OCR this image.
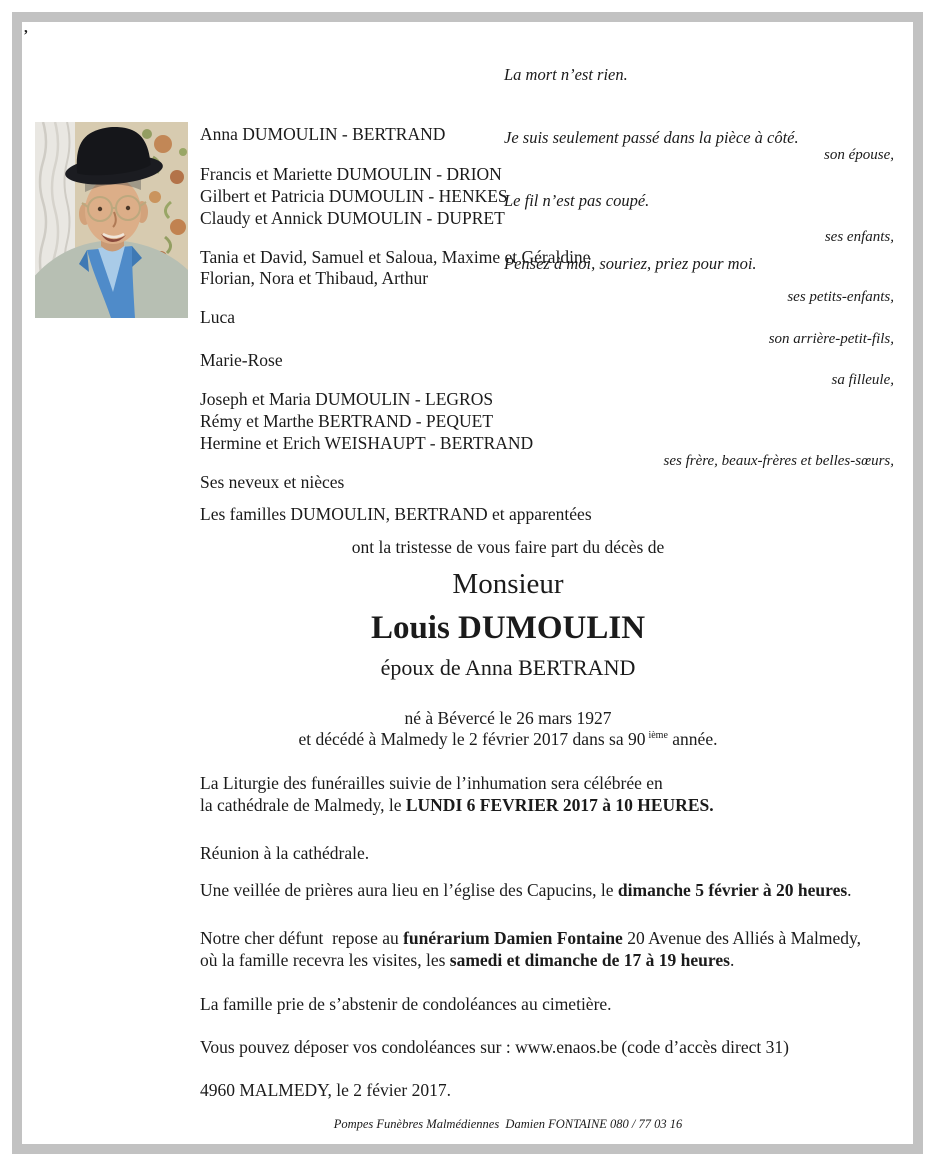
,

La mort n’est rien.

Je suis seulement passé dans la pièce à côté.

Le fil n’est pas coupé.

Pensez à moi, souriez, priez pour moi.

Anna DUMOULIN - BERTRAND
son épouse,
Francis et Mariette DUMOULIN - DRION
Gilbert et Patricia DUMOULIN - HENKES
Claudy et Annick DUMOULIN - DUPRET
ses enfants,
Tania et David, Samuel et Saloua, Maxime et Géraldine
Florian, Nora et Thibaud, Arthur
ses petits-enfants,
Luca
son arrière-petit-fils,
Marie-Rose
sa filleule,
Joseph et Maria DUMOULIN - LEGROS
Rémy et Marthe BERTRAND - PEQUET
Hermine et Erich WEISHAUPT - BERTRAND
ses frère, beaux-frères et belles-sœurs,
Ses neveux et nièces
Les familles DUMOULIN, BERTRAND et apparentées
ont la tristesse de vous faire part du décès de
Monsieur
Louis DUMOULIN
époux de Anna BERTRAND
né à Bévercé le 26 mars 1927
et décédé à Malmedy le 2 février 2017 dans sa 90 $^{ième}$ année.
La Liturgie des funérailles suivie de l’inhumation sera célébrée en
la cathédrale de Malmedy, le LUNDI 6 FEVRIER 2017 à 10 HEURES.
Réunion à la cathédrale.
Une veillée de prières aura lieu en l’église des Capucins, le dimanche 5 février à 20 heures.
Notre cher défunt  repose au funérarium Damien Fontaine 20 Avenue des Alliés à Malmedy,
où la famille recevra les visites, les samedi et dimanche de 17 à 19 heures.
La famille prie de s’abstenir de condoléances au cimetière.
Vous pouvez déposer vos condoléances sur : www.enaos.be (code d’accès direct 31)
4960 MALMEDY, le 2 févier 2017.
Pompes Funèbres Malmédiennes  Damien FONTAINE 080 / 77 03 16
